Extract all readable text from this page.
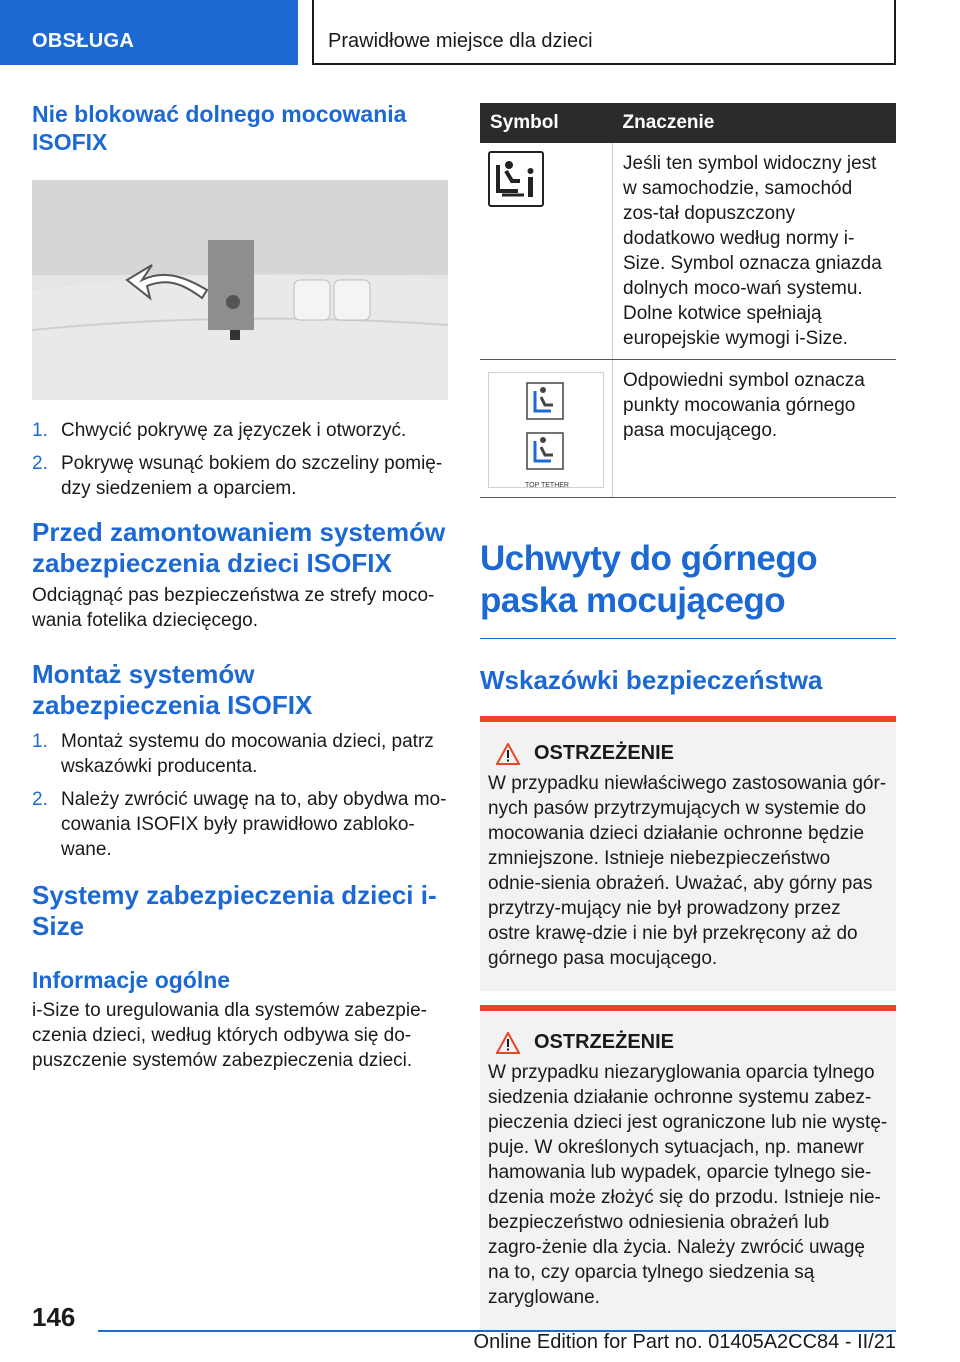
OBSŁUGA	Prawidłowe miejsce dla dzieci
Nie blokować dolnego mocowania ISOFIX
1. Chwycić pokrywę za języczek i otworzyć.
2. Pokrywę wsunąć bokiem do szczeliny pomię‐dzy siedzeniem a oparciem.
Przed zamontowaniem systemów zabezpieczenia dzieci ISOFIX

Odciągnąć pas bezpieczeństwa ze strefy moco‐wania fotelika dziecięcego.

Montaż systemów zabezpieczenia ISOFIX
1. Montaż systemu do mocowania dzieci, patrz wskazówki producenta.
2. Należy zwrócić uwagę na to, aby obydwa mo‐cowania ISOFIX były prawidłowo zabloko‐wane.
Systemy zabezpieczenia dzieci i-Size
Informacje ogólne

i-Size to uregulowania dla systemów zabezpie‐czenia dzieci, według których odbywa się do‐puszczenie systemów zabezpieczenia dzieci.

Symbol	Znaczenie
	Jeśli ten symbol widoczny jest w samochodzie, samochód zos‐tał dopuszczony dodatkowo według normy i-Size. Symbol oznacza gniazda dolnych moco‐wań systemu. Dolne kotwice spełniają europejskie wymogi i-Size.

TOP TETHER	Odpowiedni symbol oznacza punkty mocowania górnego pasa mocującego.
Uchwyty do górnego paska mocującego
Wskazówki bezpieczeństwa
OSTRZEŻENIE

W przypadku niewłaściwego zastosowania gór‐nych pasów przytrzymujących w systemie do mocowania dzieci działanie ochronne będzie zmniejszone. Istnieje niebezpieczeństwo odnie‐sienia obrażeń. Uważać, aby górny pas przytrzy‐mujący nie był prowadzony przez ostre krawę‐dzie i nie był przekręcony aż do górnego pasa mocującego.

OSTRZEŻENIE

W przypadku niezaryglowania oparcia tylnego siedzenia działanie ochronne systemu zabez‐pieczenia dzieci jest ograniczone lub nie wystę‐puje. W określonych sytuacjach, np. manewr hamowania lub wypadek, oparcie tylnego sie‐dzenia może złożyć się do przodu. Istnieje nie‐bezpieczeństwo odniesienia obrażeń lub zagro‐żenie dla życia. Należy zwrócić uwagę na to, czy oparcia tylnego siedzenia są zaryglowane.

146
Online Edition for Part no. 01405A2CC84 - II/21
